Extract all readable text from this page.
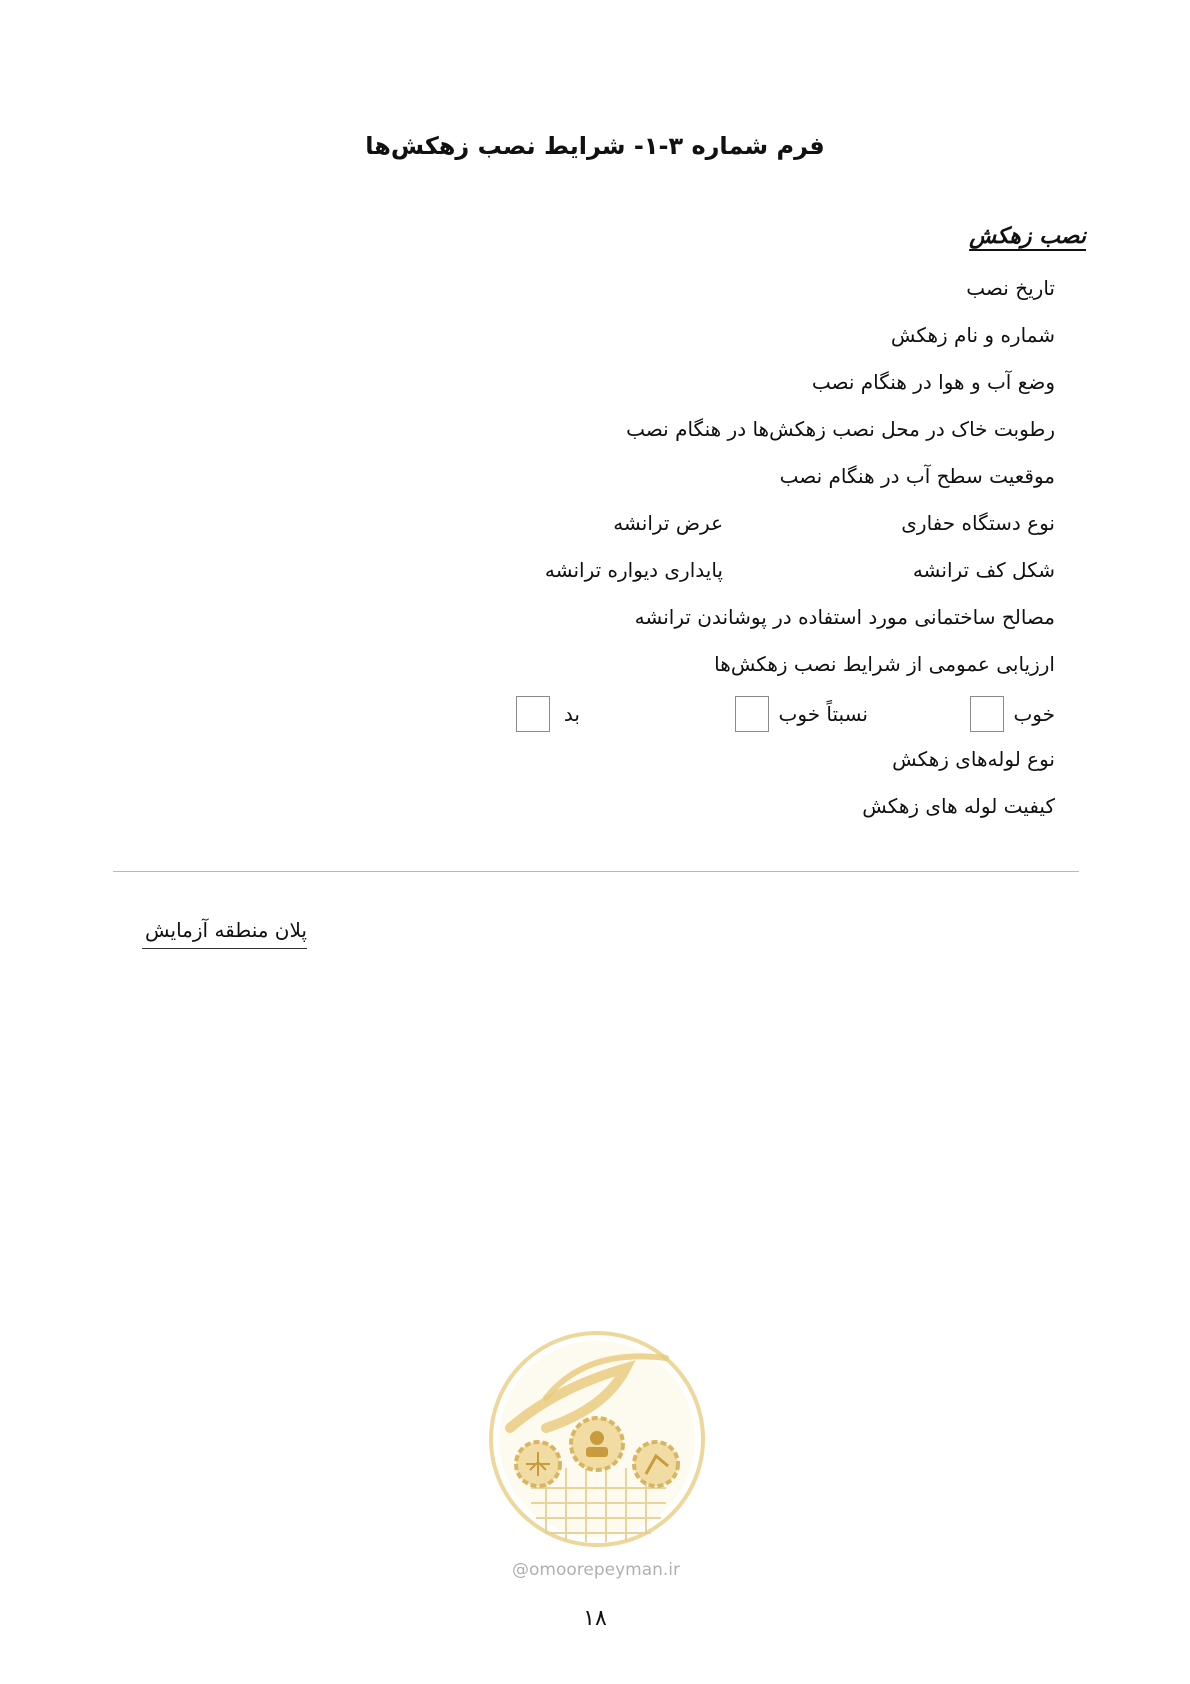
فرم شماره ۳-۱- شرایط نصب زهکش‌ها
نصب زهکش
تاریخ نصب
شماره و نام زهکش
وضع آب و هوا در هنگام نصب
رطوبت خاک در محل نصب زهکش‌ها در هنگام نصب
موقعیت سطح آب در هنگام نصب
نوع دستگاه حفاری
عرض ترانشه
شکل کف ترانشه
پایداری دیواره ترانشه
مصالح ساختمانی مورد استفاده در پوشاندن ترانشه
ارزیابی عمومی از شرایط نصب زهکش‌ها
خوب
نسبتاً خوب
بد
نوع لوله‌های زهکش
کیفیت لوله های زهکش
پلان منطقه آزمایش
@omoorepeyman.ir
۱۸
